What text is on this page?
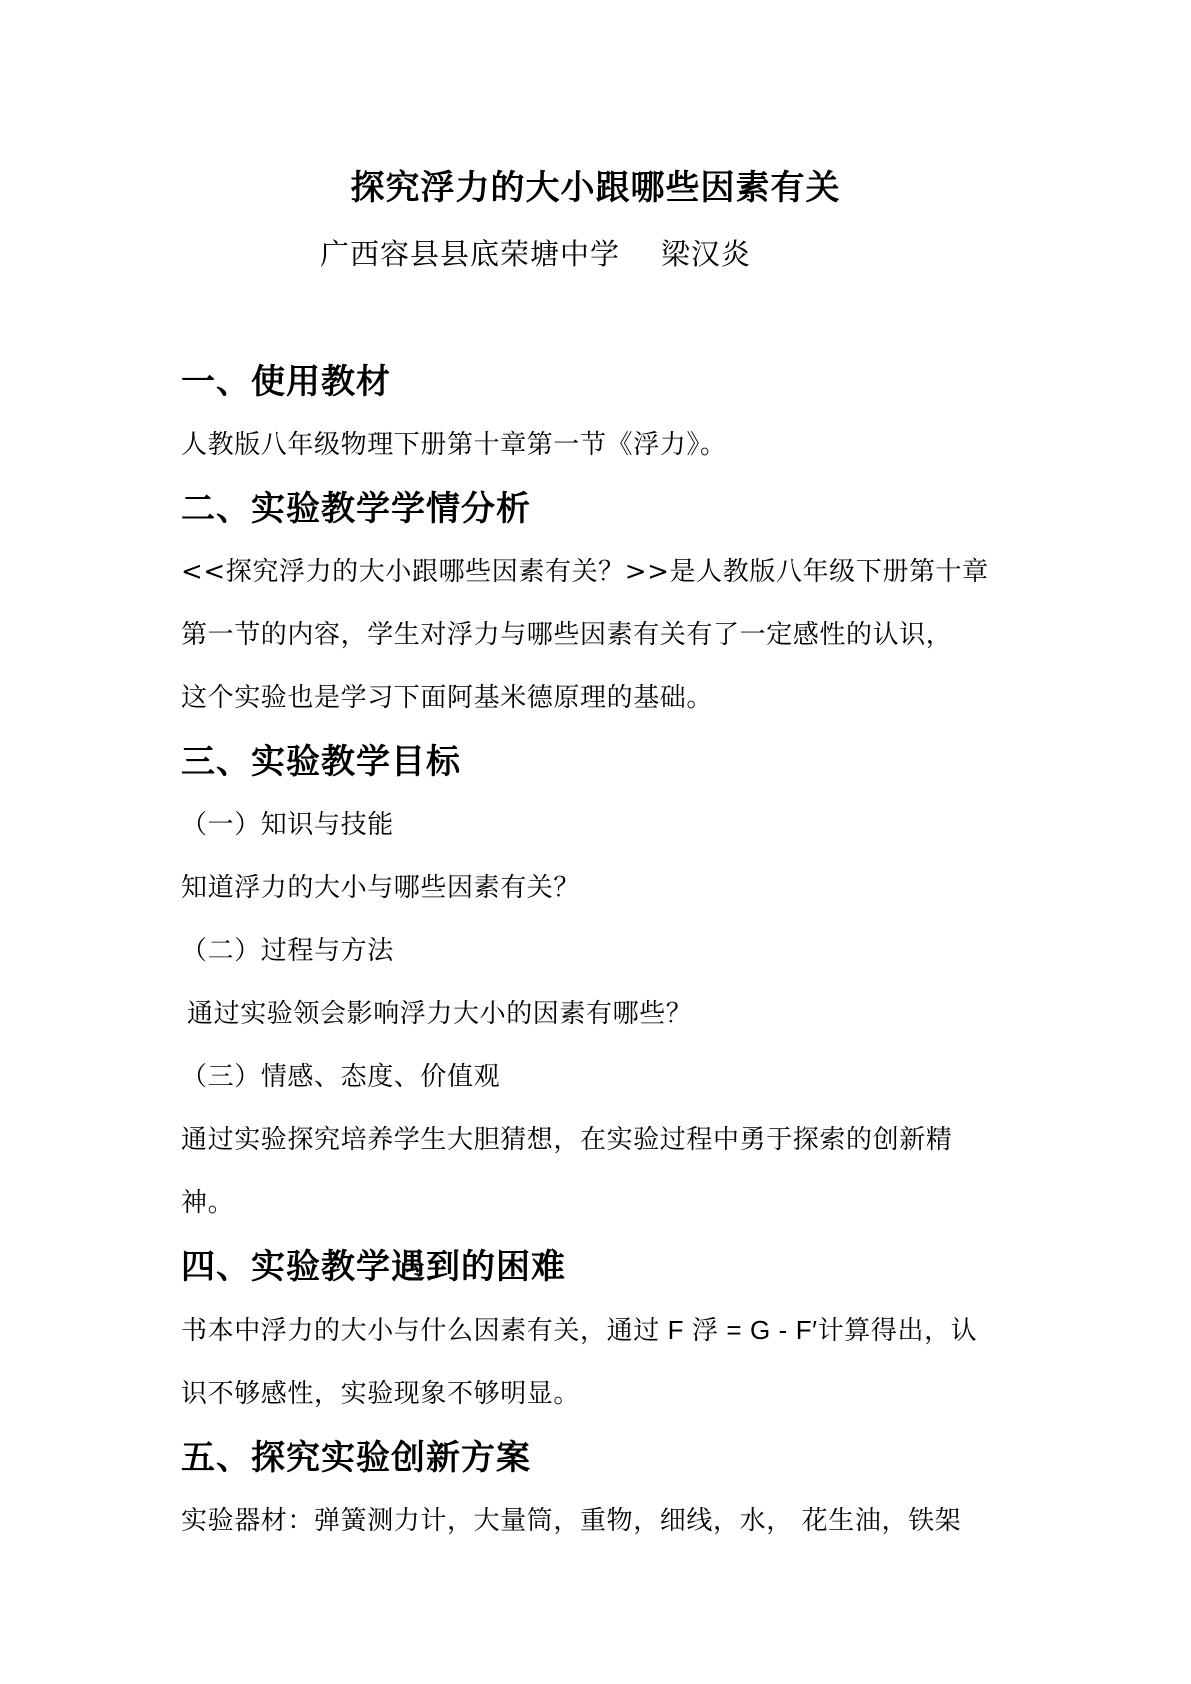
探究浮力的大小跟哪些因素有关
广西容县县底荣塘中学    梁汉炎

一、使用教材

人教版八年级物理下册第十章第一节《浮力》。

二、实验教学学情分析

<<探究浮力的大小跟哪些因素有关？>>是人教版八年级下册第十章

第一节的内容，学生对浮力与哪些因素有关有了一定感性的认识，

这个实验也是学习下面阿基米德原理的基础。

三、实验教学目标

（一）知识与技能

知道浮力的大小与哪些因素有关？

（二）过程与方法

通过实验领会影响浮力大小的因素有哪些？

（三）情感、态度、价值观

通过实验探究培养学生大胆猜想，在实验过程中勇于探索的创新精

神。

四、实验教学遇到的困难

书本中浮力的大小与什么因素有关，通过 F 浮 = G - F′计算得出，认

识不够感性，实验现象不够明显。

五、探究实验创新方案

实验器材：弹簧测力计，大量筒，重物，细线，水， 花生油，铁架
